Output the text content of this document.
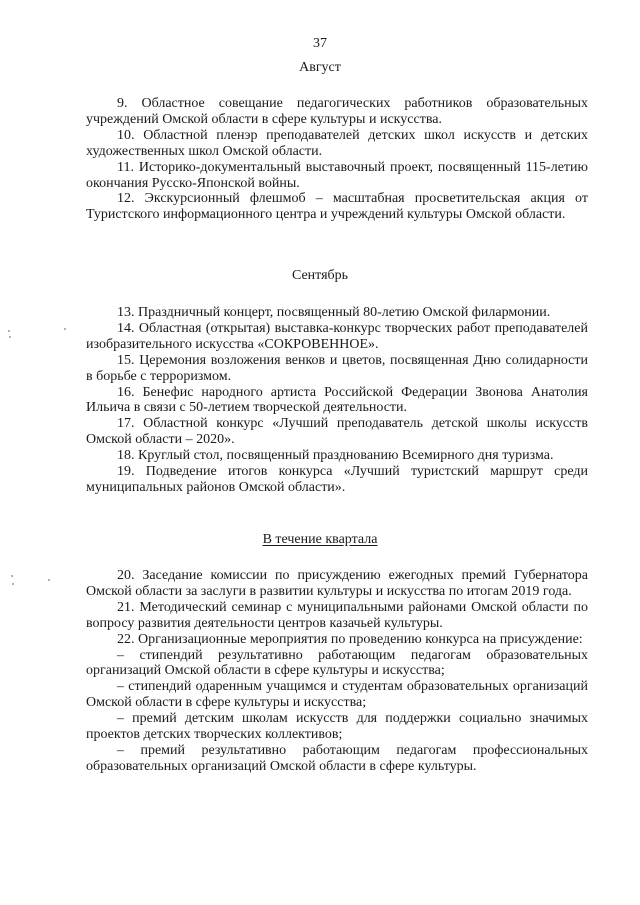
37
Август

9. Областное совещание педагогических работников образовательных учреждений Омской области в сфере культуры и искусства.

10. Областной пленэр преподавателей детских школ искусств и детских художественных школ Омской области.

11. Историко-документальный выставочный проект, посвященный 115-летию окончания Русско-Японской войны.

12. Экскурсионный флешмоб – масштабная просветительская акция от Туристского информационного центра и учреждений культуры Омской области.

Сентябрь

13. Праздничный концерт, посвященный 80-летию Омской филармонии.

14. Областная (открытая) выставка-конкурс творческих работ преподавателей изобразительного искусства «СОКРОВЕННОЕ».

15. Церемония возложения венков и цветов, посвященная Дню солидарности в борьбе с терроризмом.

16. Бенефис народного артиста Российской Федерации Звонова Анатолия Ильича в связи с 50-летием творческой деятельности.

17. Областной конкурс «Лучший преподаватель детской школы искусств Омской области – 2020».

18. Круглый стол, посвященный празднованию Всемирного дня туризма.

19. Подведение итогов конкурса «Лучший туристский маршрут среди муниципальных районов Омской области».

В течение квартала

20. Заседание комиссии по присуждению ежегодных премий Губернатора Омской области за заслуги в развитии культуры и искусства по итогам 2019 года.

21. Методический семинар с муниципальными районами Омской области по вопросу развития деятельности центров казачьей культуры.

22. Организационные мероприятия по проведению конкурса на присуждение:

– стипендий результативно работающим педагогам образовательных организаций Омской области в сфере культуры и искусства;

– стипендий одаренным учащимся и студентам образовательных организаций Омской области в сфере культуры и искусства;

– премий детским школам искусств для поддержки социально значимых проектов детских творческих коллективов;

– премий результативно работающим педагогам профессиональных образовательных организаций Омской области в сфере культуры.
